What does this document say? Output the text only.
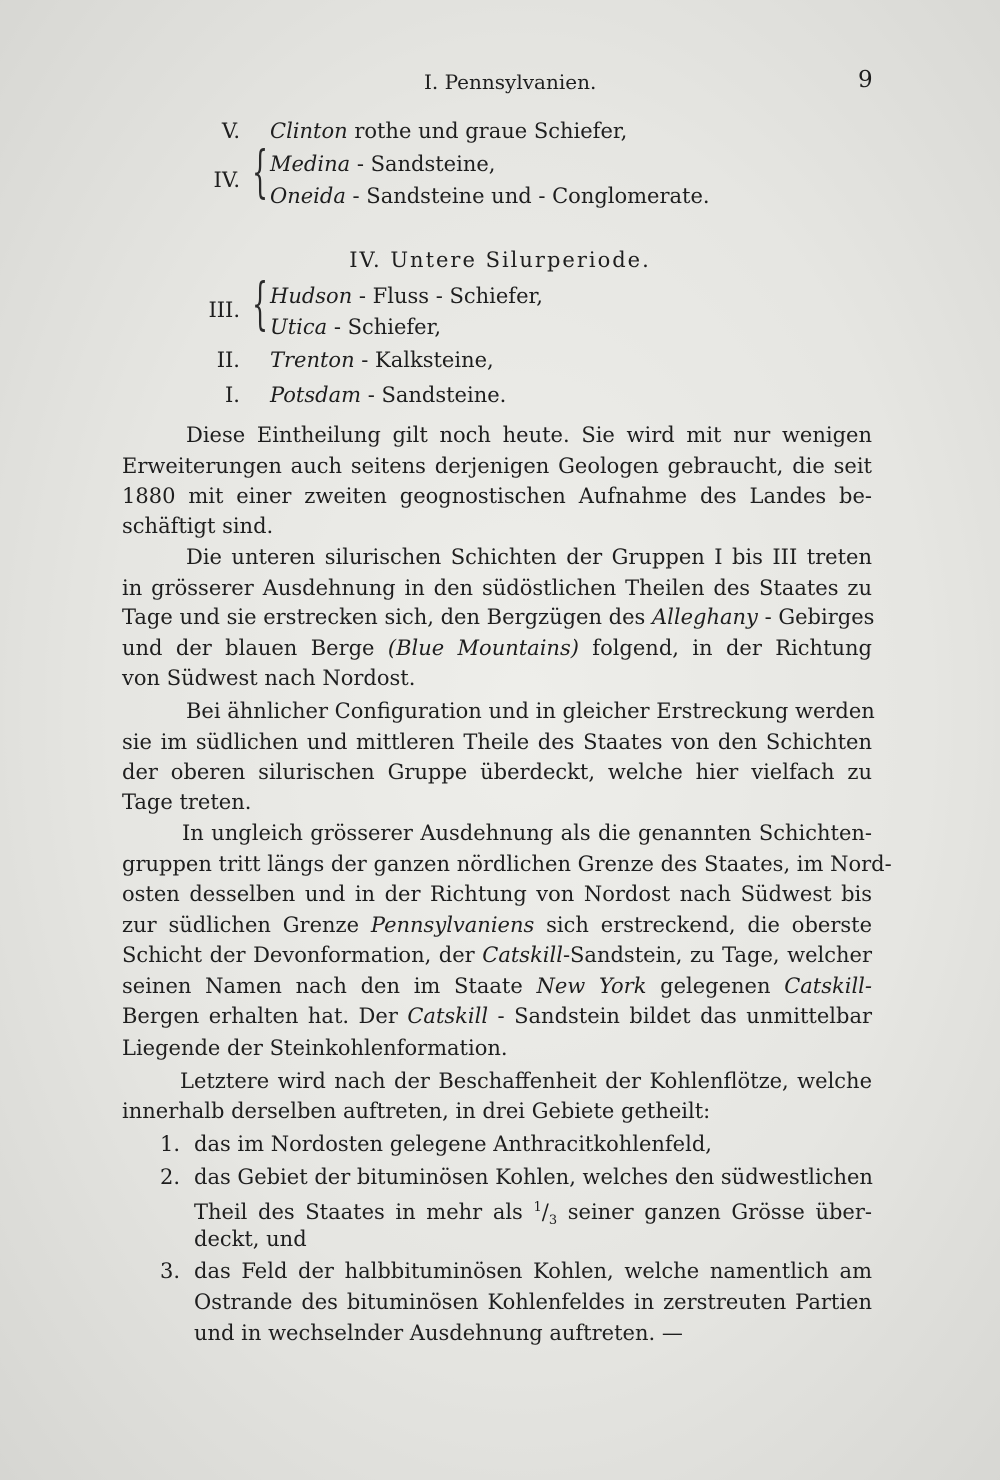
I. Pennsylvanien.	9
V. Clinton rothe und graue Schiefer,
IV. { Medina - Sandsteine,
Oneida - Sandsteine und - Conglomerate.
IV. Untere Silurperiode.
III. { Hudson - Fluss - Schiefer,
Utica - Schiefer,
II. Trenton - Kalksteine,
I. Potsdam - Sandsteine.
Diese Eintheilung gilt noch heute. Sie wird mit nur wenigen
Erweiterungen auch seitens derjenigen Geologen gebraucht, die seit
1880 mit einer zweiten geognostischen Aufnahme des Landes be-
schäftigt sind.
Die unteren silurischen Schichten der Gruppen I bis III treten
in grösserer Ausdehnung in den südöstlichen Theilen des Staates zu
Tage und sie erstrecken sich, den Bergzügen des Alleghany - Gebirges
und der blauen Berge (Blue Mountains) folgend, in der Richtung
von Südwest nach Nordost.
Bei ähnlicher Configuration und in gleicher Erstreckung werden
sie im südlichen und mittleren Theile des Staates von den Schichten
der oberen silurischen Gruppe überdeckt, welche hier vielfach zu
Tage treten.
In ungleich grösserer Ausdehnung als die genannten Schichten-
gruppen tritt längs der ganzen nördlichen Grenze des Staates, im Nord-
osten desselben und in der Richtung von Nordost nach Südwest bis
zur südlichen Grenze Pennsylvaniens sich erstreckend, die oberste
Schicht der Devonformation, der Catskill-Sandstein, zu Tage, welcher
seinen Namen nach den im Staate New York gelegenen Catskill-
Bergen erhalten hat. Der Catskill - Sandstein bildet das unmittelbar
Liegende der Steinkohlenformation.
Letztere wird nach der Beschaffenheit der Kohlenflötze, welche
innerhalb derselben auftreten, in drei Gebiete getheilt:
1. das im Nordosten gelegene Anthracitkohlenfeld,
2. das Gebiet der bituminösen Kohlen, welches den südwestlichen
Theil des Staates in mehr als $^1/_3$ seiner ganzen Grösse über-
deckt, und
3. das Feld der halbbituminösen Kohlen, welche namentlich am
Ostrande des bituminösen Kohlenfeldes in zerstreuten Partien
und in wechselnder Ausdehnung auftreten. —
